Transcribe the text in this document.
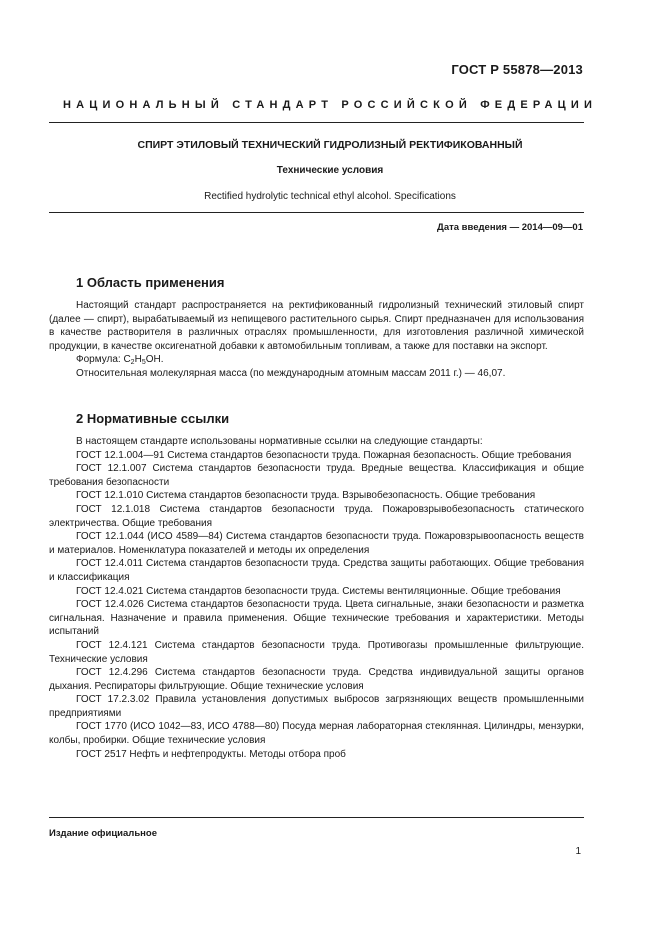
ГОСТ Р 55878—2013
НАЦИОНАЛЬНЫЙ СТАНДАРТ РОССИЙСКОЙ ФЕДЕРАЦИИ
СПИРТ ЭТИЛОВЫЙ ТЕХНИЧЕСКИЙ ГИДРОЛИЗНЫЙ РЕКТИФИКОВАННЫЙ
Технические условия
Rectified hydrolytic technical ethyl alcohol. Specifications
Дата введения — 2014—09—01
1 Область применения

Настоящий стандарт распространяется на ректификованный гидролизный технический этиловый спирт (далее — спирт), вырабатываемый из непищевого растительного сырья. Спирт предназначен для использования в качестве растворителя в различных отраслях промышленности, для изготовления различной химической продукции, в качестве оксигенатной добавки к автомобильным топливам, а также для поставки на экспорт.

Формула: $C_2H_5OH$.

Относительная молекулярная масса (по международным атомным массам 2011 г.) — 46,07.

2 Нормативные ссылки

В настоящем стандарте использованы нормативные ссылки на следующие стандарты:

ГОСТ 12.1.004—91 Система стандартов безопасности труда. Пожарная безопасность. Общие требования

ГОСТ 12.1.007 Система стандартов безопасности труда. Вредные вещества. Классификация и общие требования безопасности

ГОСТ 12.1.010 Система стандартов безопасности труда. Взрывобезопасность. Общие требования

ГОСТ 12.1.018 Система стандартов безопасности труда. Пожаровзрывобезопасность статического электричества. Общие требования

ГОСТ 12.1.044 (ИСО 4589—84) Система стандартов безопасности труда. Пожаровзрывоопасность веществ и материалов. Номенклатура показателей и методы их определения

ГОСТ 12.4.011 Система стандартов безопасности труда. Средства защиты работающих. Общие требования и классификация

ГОСТ 12.4.021 Система стандартов безопасности труда. Системы вентиляционные. Общие требования

ГОСТ 12.4.026 Система стандартов безопасности труда. Цвета сигнальные, знаки безопасности и разметка сигнальная. Назначение и правила применения. Общие технические требования и характеристики. Методы испытаний

ГОСТ 12.4.121 Система стандартов безопасности труда. Противогазы промышленные фильтрующие. Технические условия

ГОСТ 12.4.296 Система стандартов безопасности труда. Средства индивидуальной защиты органов дыхания. Респираторы фильтрующие. Общие технические условия

ГОСТ 17.2.3.02 Правила установления допустимых выбросов загрязняющих веществ промышленными предприятиями

ГОСТ 1770 (ИСО 1042—83, ИСО 4788—80) Посуда мерная лабораторная стеклянная. Цилиндры, мензурки, колбы, пробирки. Общие технические условия

ГОСТ 2517 Нефть и нефтепродукты. Методы отбора проб

Издание официальное
1
